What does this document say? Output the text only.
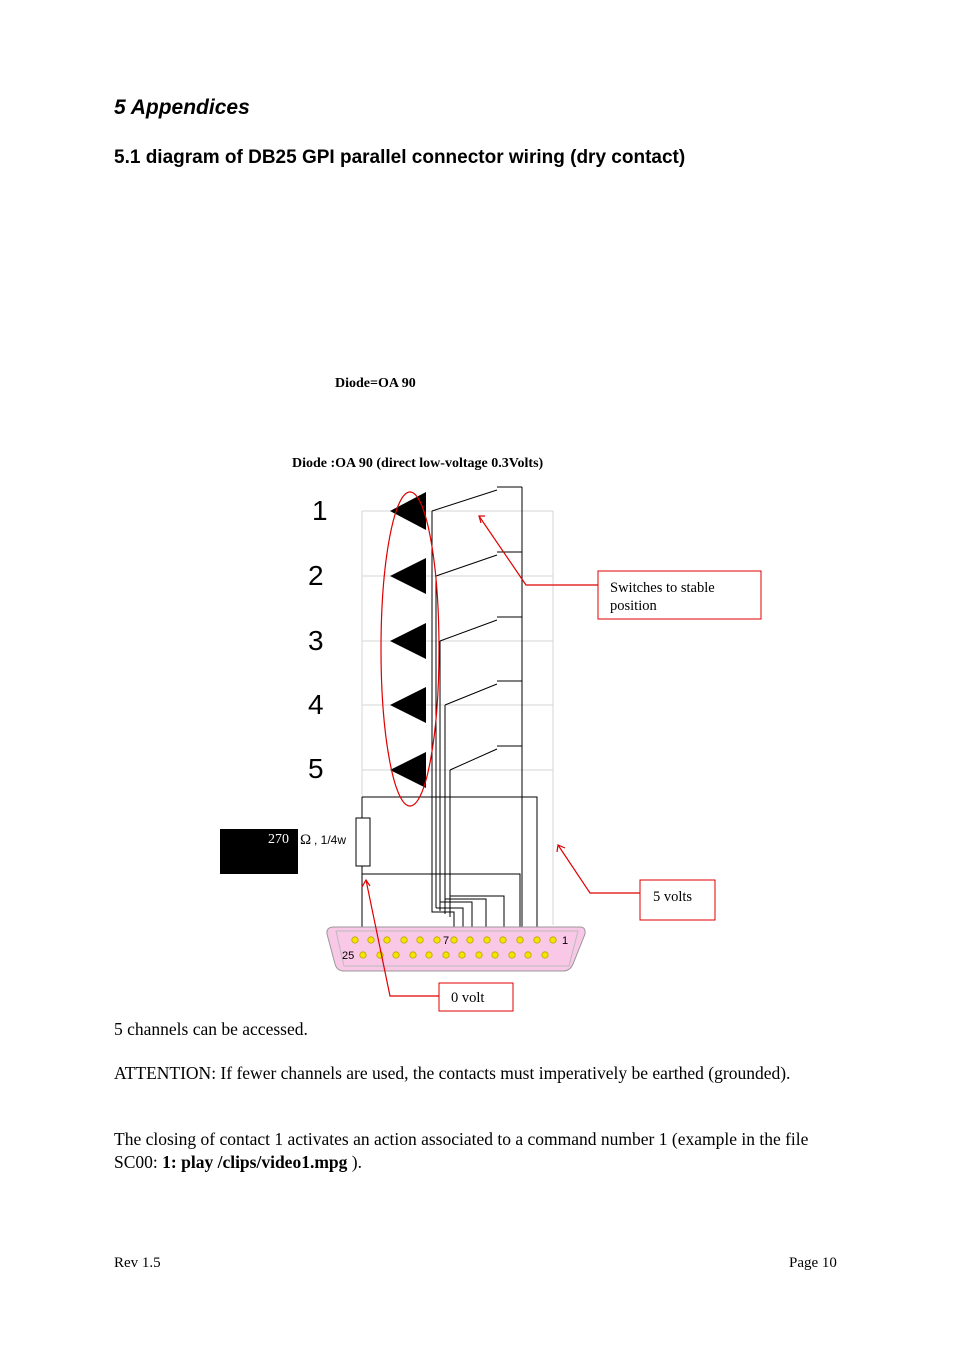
5 Appendices
5.1 diagram of DB25 GPI parallel connector wiring (dry contact)
Diode=OA 90
Diode :OA 90 (direct low-voltage 0.3Volts)
1
2
3
4
5
270 Ω , 1/4w
1
7
25
Switches to stable
position
5 volts
0 volt
5 channels can be accessed.
ATTENTION: If fewer channels are used, the contacts must imperatively be earthed (grounded).
The closing of contact 1 activates an action associated to a command number 1 (example in the file SC00: 1: play /clips/video1.mpg ).
Rev 1.5	Page 10
